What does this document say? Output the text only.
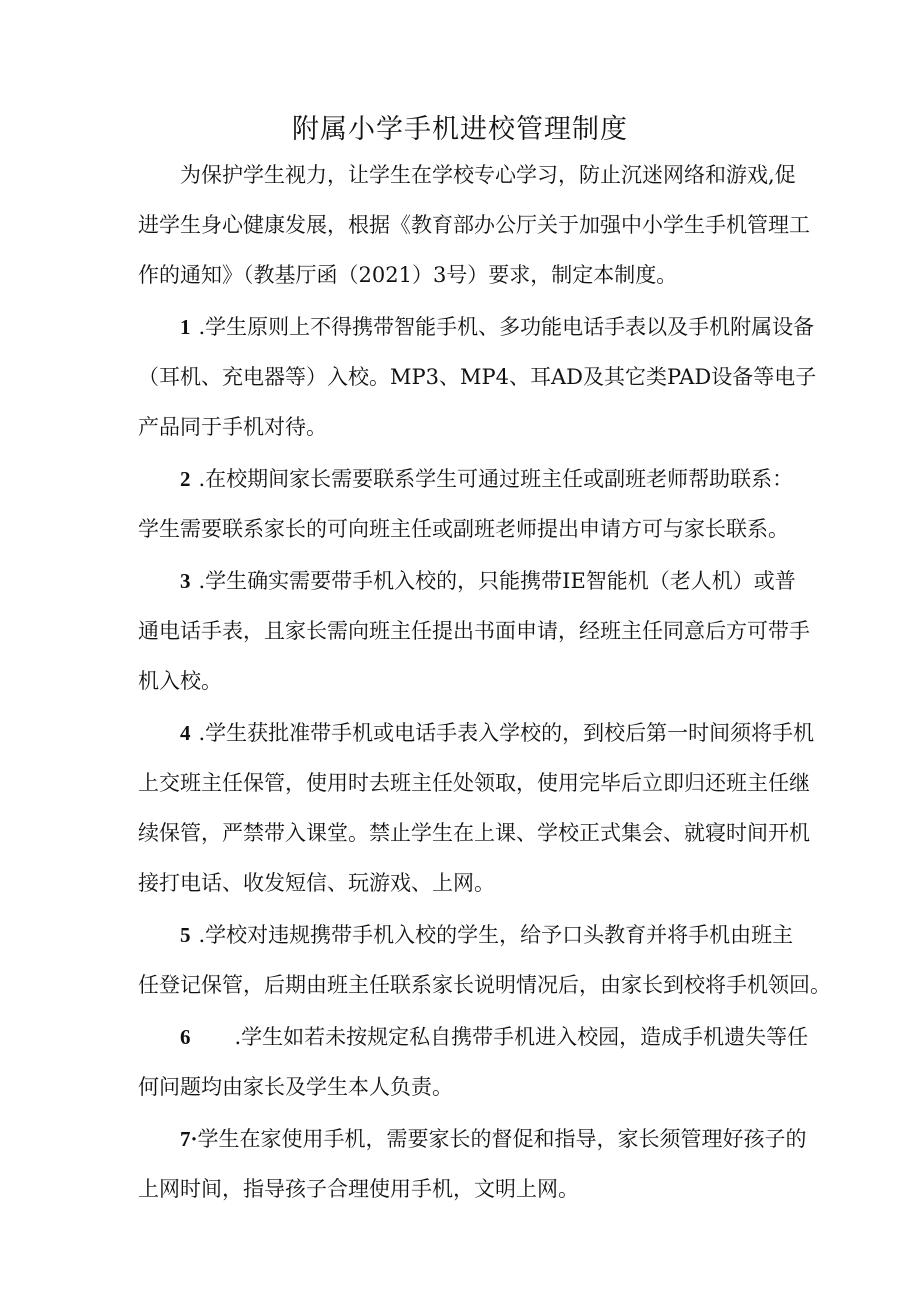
附属小学手机进校管理制度
为保护学生视力，让学生在学校专心学习，防止沉迷网络和游戏,促
进学生身心健康发展，根据《教育部办公厅关于加强中小学生手机管理工
作的通知》（教基厅函（2021）3号）要求，制定本制度。
1 .学生原则上不得携带智能手机、多功能电话手表以及手机附属设备
（耳机、充电器等）入校。MP3、MP4、耳AD及其它类PAD设备等电子
产品同于手机对待。
2 .在校期间家长需要联系学生可通过班主任或副班老师帮助联系：
学生需要联系家长的可向班主任或副班老师提出申请方可与家长联系。
3 .学生确实需要带手机入校的，只能携带IE智能机（老人机）或普
通电话手表，且家长需向班主任提出书面申请，经班主任同意后方可带手
机入校。
4 .学生获批准带手机或电话手表入学校的，到校后第一时间须将手机
上交班主任保管，使用时去班主任处领取，使用完毕后立即归还班主任继
续保管，严禁带入课堂。禁止学生在上课、学校正式集会、就寝时间开机
接打电话、收发短信、玩游戏、上网。
5 .学校对违规携带手机入校的学生，给予口头教育并将手机由班主
任登记保管，后期由班主任联系家长说明情况后，由家长到校将手机领回。
6 .学生如若未按规定私自携带手机进入校园，造成手机遗失等任
何问题均由家长及学生本人负责。
7·学生在家使用手机，需要家长的督促和指导，家长须管理好孩子的
上网时间，指导孩子合理使用手机，文明上网。
